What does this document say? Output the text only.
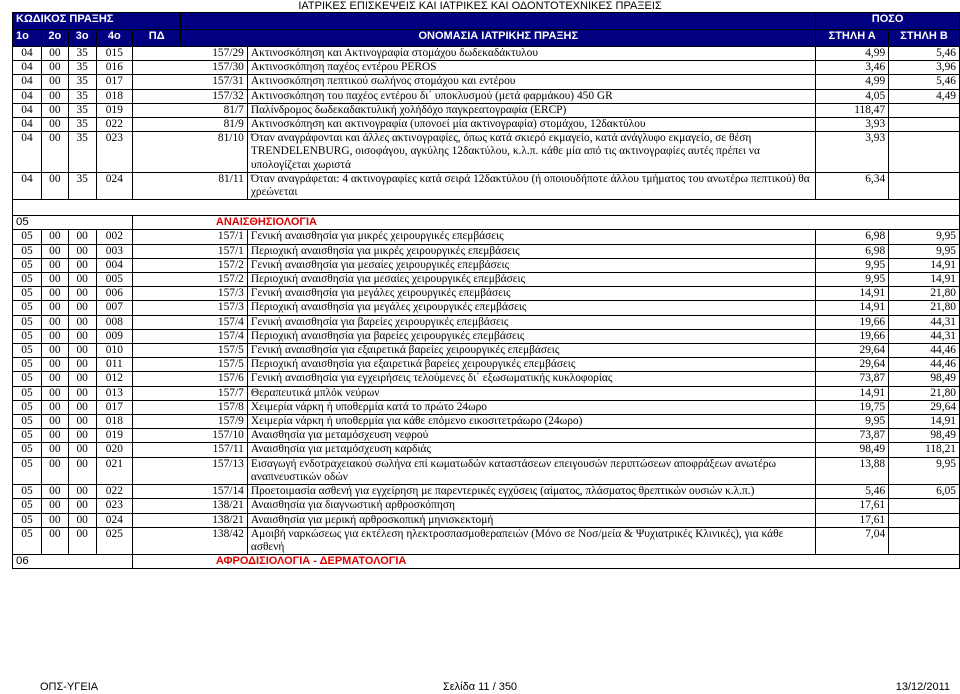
ΙΑΤΡΙΚΕΣ ΕΠΙΣΚΕΨΕΙΣ ΚΑΙ ΙΑΤΡΙΚΕΣ ΚΑΙ ΟΔΟΝΤΟΤΕΧΝΙΚΕΣ ΠΡΑΞΕΙΣ
ΚΩΔΙΚΟΣ ΠΡΑΞΗΣ							ΠΟΣΟ	
1ο	2ο	3ο	4ο	ΠΔ	ΟΝΟΜΑΣΙΑ ΙΑΤΡΙΚΗΣ ΠΡΑΞΗΣ		ΣΤΗΛΗ Α	ΣΤΗΛΗ Β
04	00	35	015	157/29		Ακτινοσκόπηση και Ακτινογραφία στομάχου δωδεκαδάκτυλου	4,99	5,46
04	00	35	016	157/30		Ακτινοσκόπηση παχέος εντέρου PEROS	3,46	3,96
04	00	35	017	157/31		Ακτινοσκόπηση πεπτικού σωλήνος στομάχου και εντέρου	4,99	5,46
04	00	35	018	157/32		Ακτινοσκόπηση του παχέος εντέρου δι΄ υποκλυσμού (μετά φαρμάκου) 450 GR	4,05	4,49
04	00	35	019	81/7		Παλίνδρομος δωδεκαδακτυλική χολήδόχο παγκρεατογραφία (ERCP)	118,47	
04	00	35	022	81/9		Ακτινοσκόπηση και ακτινογραφία (υπονοεί μία ακτινογραφία) στομάχου, 12δακτύλου	3,93	
04	00	35	023	81/10		Όταν αναγράφονται και άλλες ακτινογραφίες, όπως κατά σκιερό εκμαγείο, κατά ανάγλυφο εκμαγείο, σε θέση TRENDELENBURG, οισοφάγου, αγκύλης 12δακτύλου, κ.λ.π. κάθε μία από τις ακτινογραφίες αυτές πρέπει να υπολογίζεται χωριστά	3,93	
04	00	35	024	81/11		Όταν αναγράφεται: 4 ακτινογραφίες κατά σειρά 12δακτύλου (ή οποιουδήποτε άλλου τμήματος του ανωτέρω πεπτικού) θα χρεώνεται	6,34	

05					ΑΝΑΙΣΘΗΣΙΟΛΟΓΙΑ			
05	00	00	002	157/1		Γενική αναισθησία για μικρές χειρουργικές επεμβάσεις	6,98	9,95
05	00	00	003	157/1		Περιοχική αναισθησία για μικρές χειρουργικές επεμβάσεις	6,98	9,95
05	00	00	004	157/2		Γενική αναισθησία για μεσαίες χειρουργικές επεμβάσεις	9,95	14,91
05	00	00	005	157/2		Περιοχική αναισθησία για μεσαίες χειρουργικές επεμβάσεις	9,95	14,91
05	00	00	006	157/3		Γενική αναισθησία για μεγάλες χειρουργικές επεμβάσεις	14,91	21,80
05	00	00	007	157/3		Περιοχική αναισθησία για μεγάλες χειρουργικές επεμβάσεις	14,91	21,80
05	00	00	008	157/4		Γενική αναισθησία για βαρείες χειρουργικές επεμβάσεις	19,66	44,31
05	00	00	009	157/4		Περιοχική αναισθησία για βαρείες χειρουργικές επεμβάσεις	19,66	44,31
05	00	00	010	157/5		Γενική αναισθησία για εξαιρετικά βαρείες χειρουργικές επεμβάσεις	29,64	44,46
05	00	00	011	157/5		Περιοχική αναισθησία για εξαιρετικά βαρείες χειρουργικές επεμβάσεις	29,64	44,46
05	00	00	012	157/6		Γενική αναισθησία για εγχειρήσεις τελούμενες δι΄ εξωσωματικής κυκλοφορίας	73,87	98,49
05	00	00	013	157/7		Θεραπευτικά μπλόκ νεύρων	14,91	21,80
05	00	00	017	157/8		Χειμερία νάρκη ή υποθερμία κατά το πρώτο 24ωρο	19,75	29,64
05	00	00	018	157/9		Χειμερία νάρκη ή υποθερμία για κάθε επόμενο εικοσιτετράωρο (24ωρο)	9,95	14,91
05	00	00	019	157/10		Αναισθησία για μεταμόσχευση νεφρού	73,87	98,49
05	00	00	020	157/11		Αναισθησία για μεταμόσχευση καρδιάς	98,49	118,21
05	00	00	021	157/13		Εισαγωγή ενδοτραχειακού σωλήνα επί κωματωδών καταστάσεων επειγουσών περιπτώσεων αποφράξεων ανωτέρω αναπνευστικών οδών	13,88	9,95
05	00	00	022	157/14		Προετοιμασία ασθενή για εγχείρηση με παρεντερικές εγχύσεις (αίματος, πλάσματος θρεπτικών ουσιών κ.λ.π.)	5,46	6,05
05	00	00	023	138/21		Αναισθησία για διαγνωστική αρθροσκόπηση	17,61	
05	00	00	024	138/21		Αναισθησία για μερική αρθροσκοπική μηνισκεκτομή	17,61	
05	00	00	025	138/42		Αμοιβή ναρκώσεως για εκτέλεση ηλεκτροσπασμοθεραπειών (Μόνο σε Νοσ/μεία & Ψυχιατρικές Κλινικές), για κάθε ασθενή	7,04	
06					ΑΦΡΟΔΙΣΙΟΛΟΓΙΑ - ΔΕΡΜΑΤΟΛΟΓΙΑ			
Σελίδα 11 / 350
ΟΠΣ-ΥΓΕΙΑ	13/12/2011
